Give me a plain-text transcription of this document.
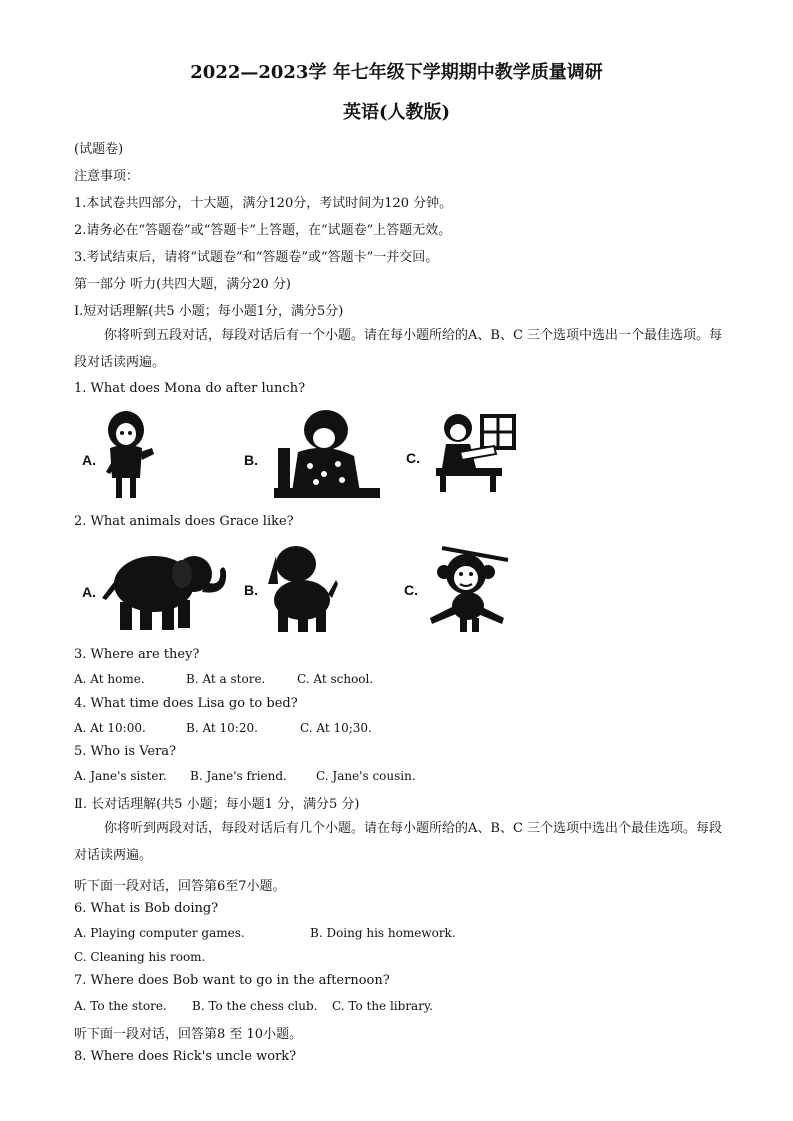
2022—2023学 年七年级下学期期中教学质量调研
英语(人教版)
(试题卷)
注意事项：
1.本试卷共四部分，十大题，满分120分，考试时间为120 分钟。
2.请务必在“答题卷”或“答题卡”上答题，在“试题卷”上答题无效。
3.考试结束后，请将“试题卷”和“答题卷”或“答题卡”一并交回。
第一部分 听力(共四大题，满分20 分)
Ⅰ.短对话理解(共5 小题；每小题1分，满分5分)
你将听到五段对话，每段对话后有一个小题。请在每小题所给的A、B、C 三个选项中选出一个最佳选项。每段对话读两遍。
1. What does Mona do after lunch?
A.	B.	C.
2. What animals does Grace like?
A.	B.	C.
3. Where are they?
A. At home.	B. At a store.	C. At school.
4. What time does Lisa go to bed?
A. At 10:00.	B. At 10:20.	C. At 10;30.
5. Who is Vera?
A. Jane's sister. B. Jane's friend. C. Jane's cousin.
Ⅱ. 长对话理解(共5 小题；每小题1 分，满分5 分)
你将听到两段对话，每段对话后有几个小题。请在每小题所给的A、B、C 三个选项中选出个最佳选项。每段对话读两遍。
听下面一段对话，回答第6至7小题。
6. What is Bob doing?
A. Playing computer games.	B. Doing his homework.
C. Cleaning his room.
7. Where does Bob want to go in the afternoon?
A. To the store. B. To the chess club. C. To the library.
听下面一段对话，回答第8 至 10小题。
8. Where does Rick's uncle work?
